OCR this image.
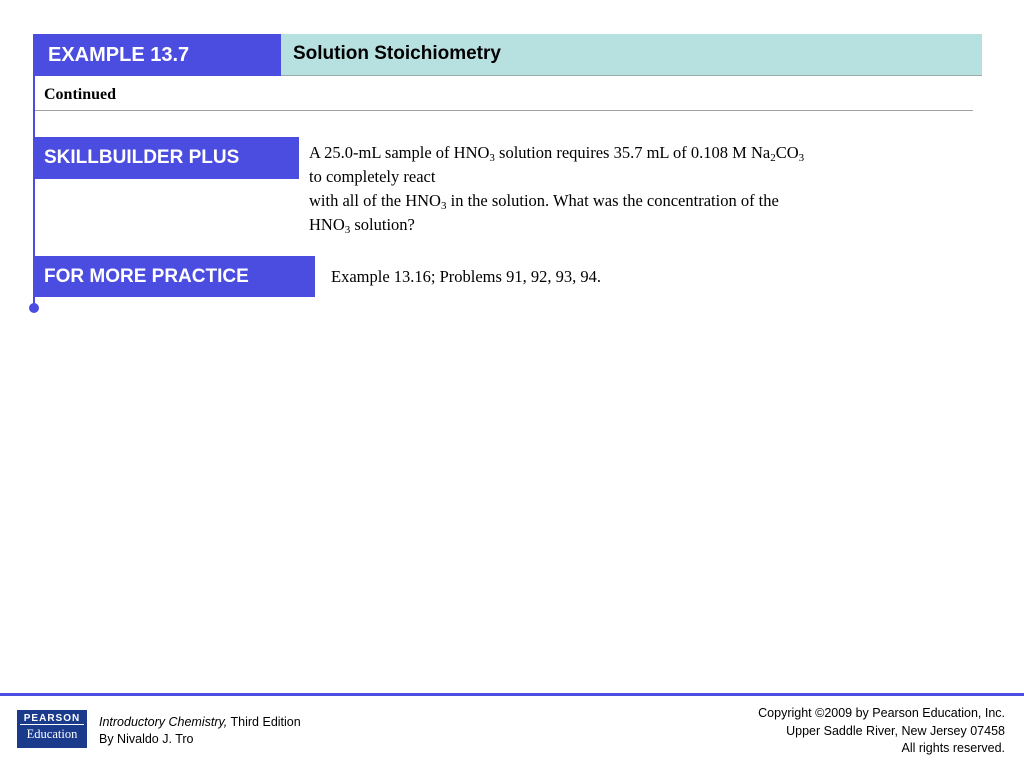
EXAMPLE 13.7	Solution Stoichiometry
Continued
SKILLBUILDER PLUS	A 25.0-mL sample of $HNO_3$ solution requires 35.7 mL of 0.108 M $Na_2CO_3$
to completely react
with all of the $HNO_3$ in the solution. What was the concentration of the
$HNO_3$ solution?
FOR MORE PRACTICE	Example 13.16; Problems 91, 92, 93, 94.
PEARSON
Education
Introductory Chemistry, Third Edition
By Nivaldo J. Tro
Copyright ©2009 by Pearson Education, Inc.
Upper Saddle River, New Jersey 07458
All rights reserved.
